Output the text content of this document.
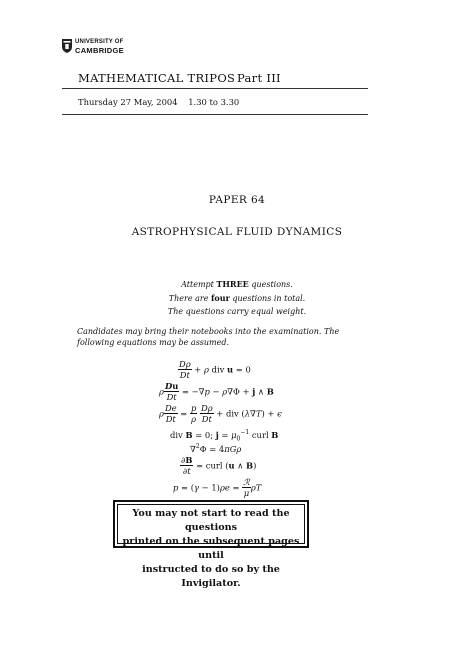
UNIVERSITY OF
CAMBRIDGE
MATHEMATICAL TRIPOS Part III
Thursday 27 May, 2004    1.30 to 3.30
PAPER 64
ASTROPHYSICAL FLUID DYNAMICS
Attempt THREE questions.
There are four questions in total.
The questions carry equal weight.
Candidates may bring their notebooks into the examination. The following equations may be assumed.
$\frac{D\rho}{Dt} + \rho$ div u = 0
ρ $\frac{Du}{Dt} = -\nabla p - \rho\nabla\Phi + j$ ∧ B
ρ $\frac{De}{Dt} = \frac{p}{\rho}$
$\frac{D\rho}{Dt}$ + div (λ∇T) + ϵ
div B = 0; $j = \mu_0^{-1}$ curl B
∇$^2$Φ = 4πGρ
$\frac{\partial B}{\partial t}$ = curl (u ∧ B)
$p = (\gamma - 1)\rho e = \frac{\text{ℛ}}{\mu}$ ρT
You may not start to read the questions
printed on the subsequent pages until
instructed to do so by the Invigilator.
